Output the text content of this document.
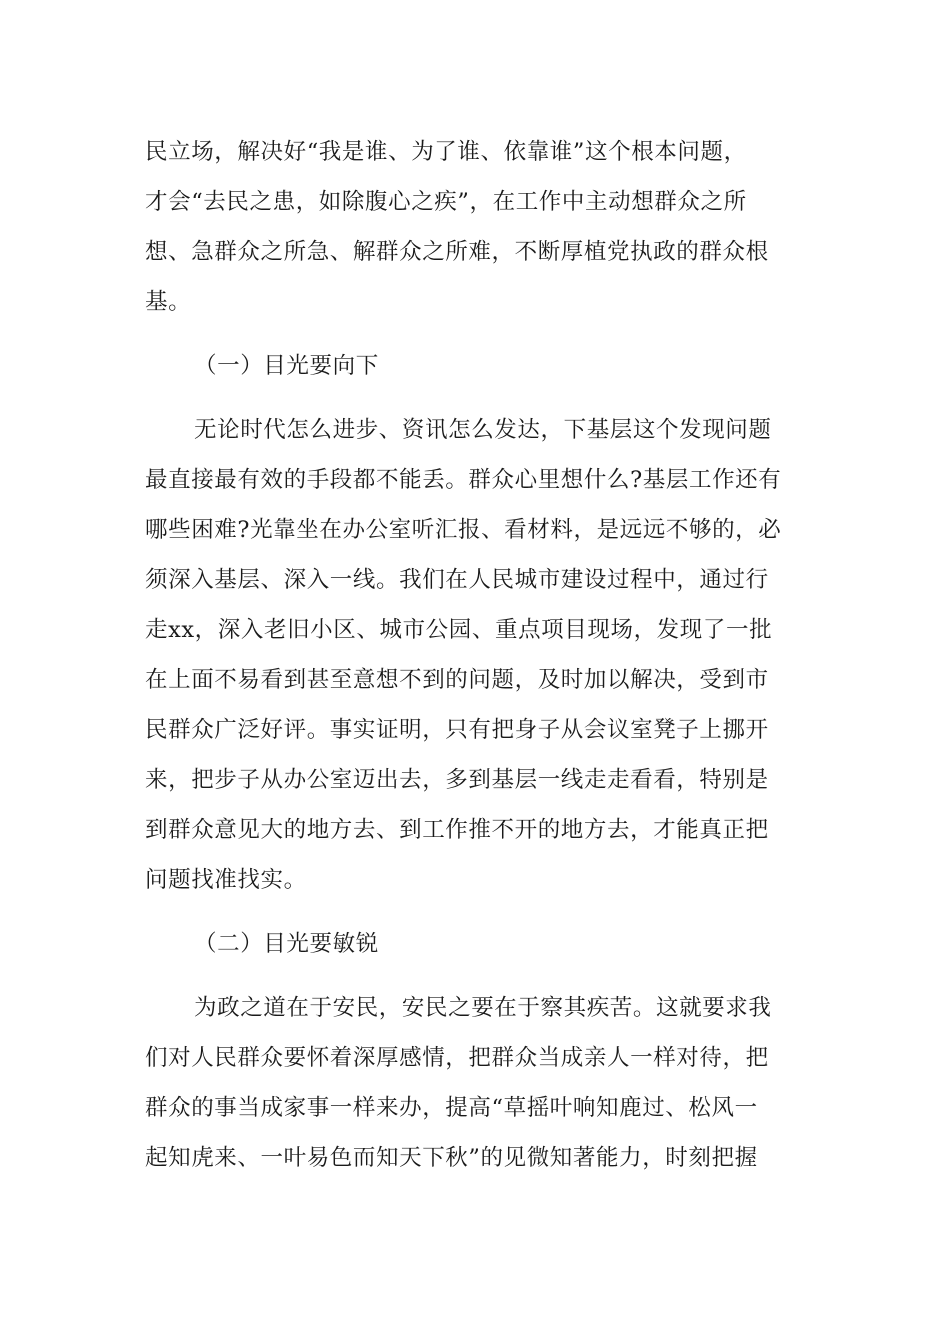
民立场，解决好“我是谁、为了谁、依靠谁”这个根本问题，
才会“去民之患，如除腹心之疾”，在工作中主动想群众之所
想、急群众之所急、解群众之所难，不断厚植党执政的群众根
基。
（一）目光要向下
无论时代怎么进步、资讯怎么发达，下基层这个发现问题
最直接最有效的手段都不能丢。群众心里想什么?基层工作还有
哪些困难?光靠坐在办公室听汇报、看材料，是远远不够的，必
须深入基层、深入一线。我们在人民城市建设过程中，通过行
走xx，深入老旧小区、城市公园、重点项目现场，发现了一批
在上面不易看到甚至意想不到的问题，及时加以解决，受到市
民群众广泛好评。事实证明，只有把身子从会议室凳子上挪开
来，把步子从办公室迈出去，多到基层一线走走看看，特别是
到群众意见大的地方去、到工作推不开的地方去，才能真正把
问题找准找实。
（二）目光要敏锐
为政之道在于安民，安民之要在于察其疾苦。这就要求我
们对人民群众要怀着深厚感情，把群众当成亲人一样对待，把
群众的事当成家事一样来办，提高“草摇叶响知鹿过、松风一
起知虎来、一叶易色而知天下秋”的见微知著能力，时刻把握
